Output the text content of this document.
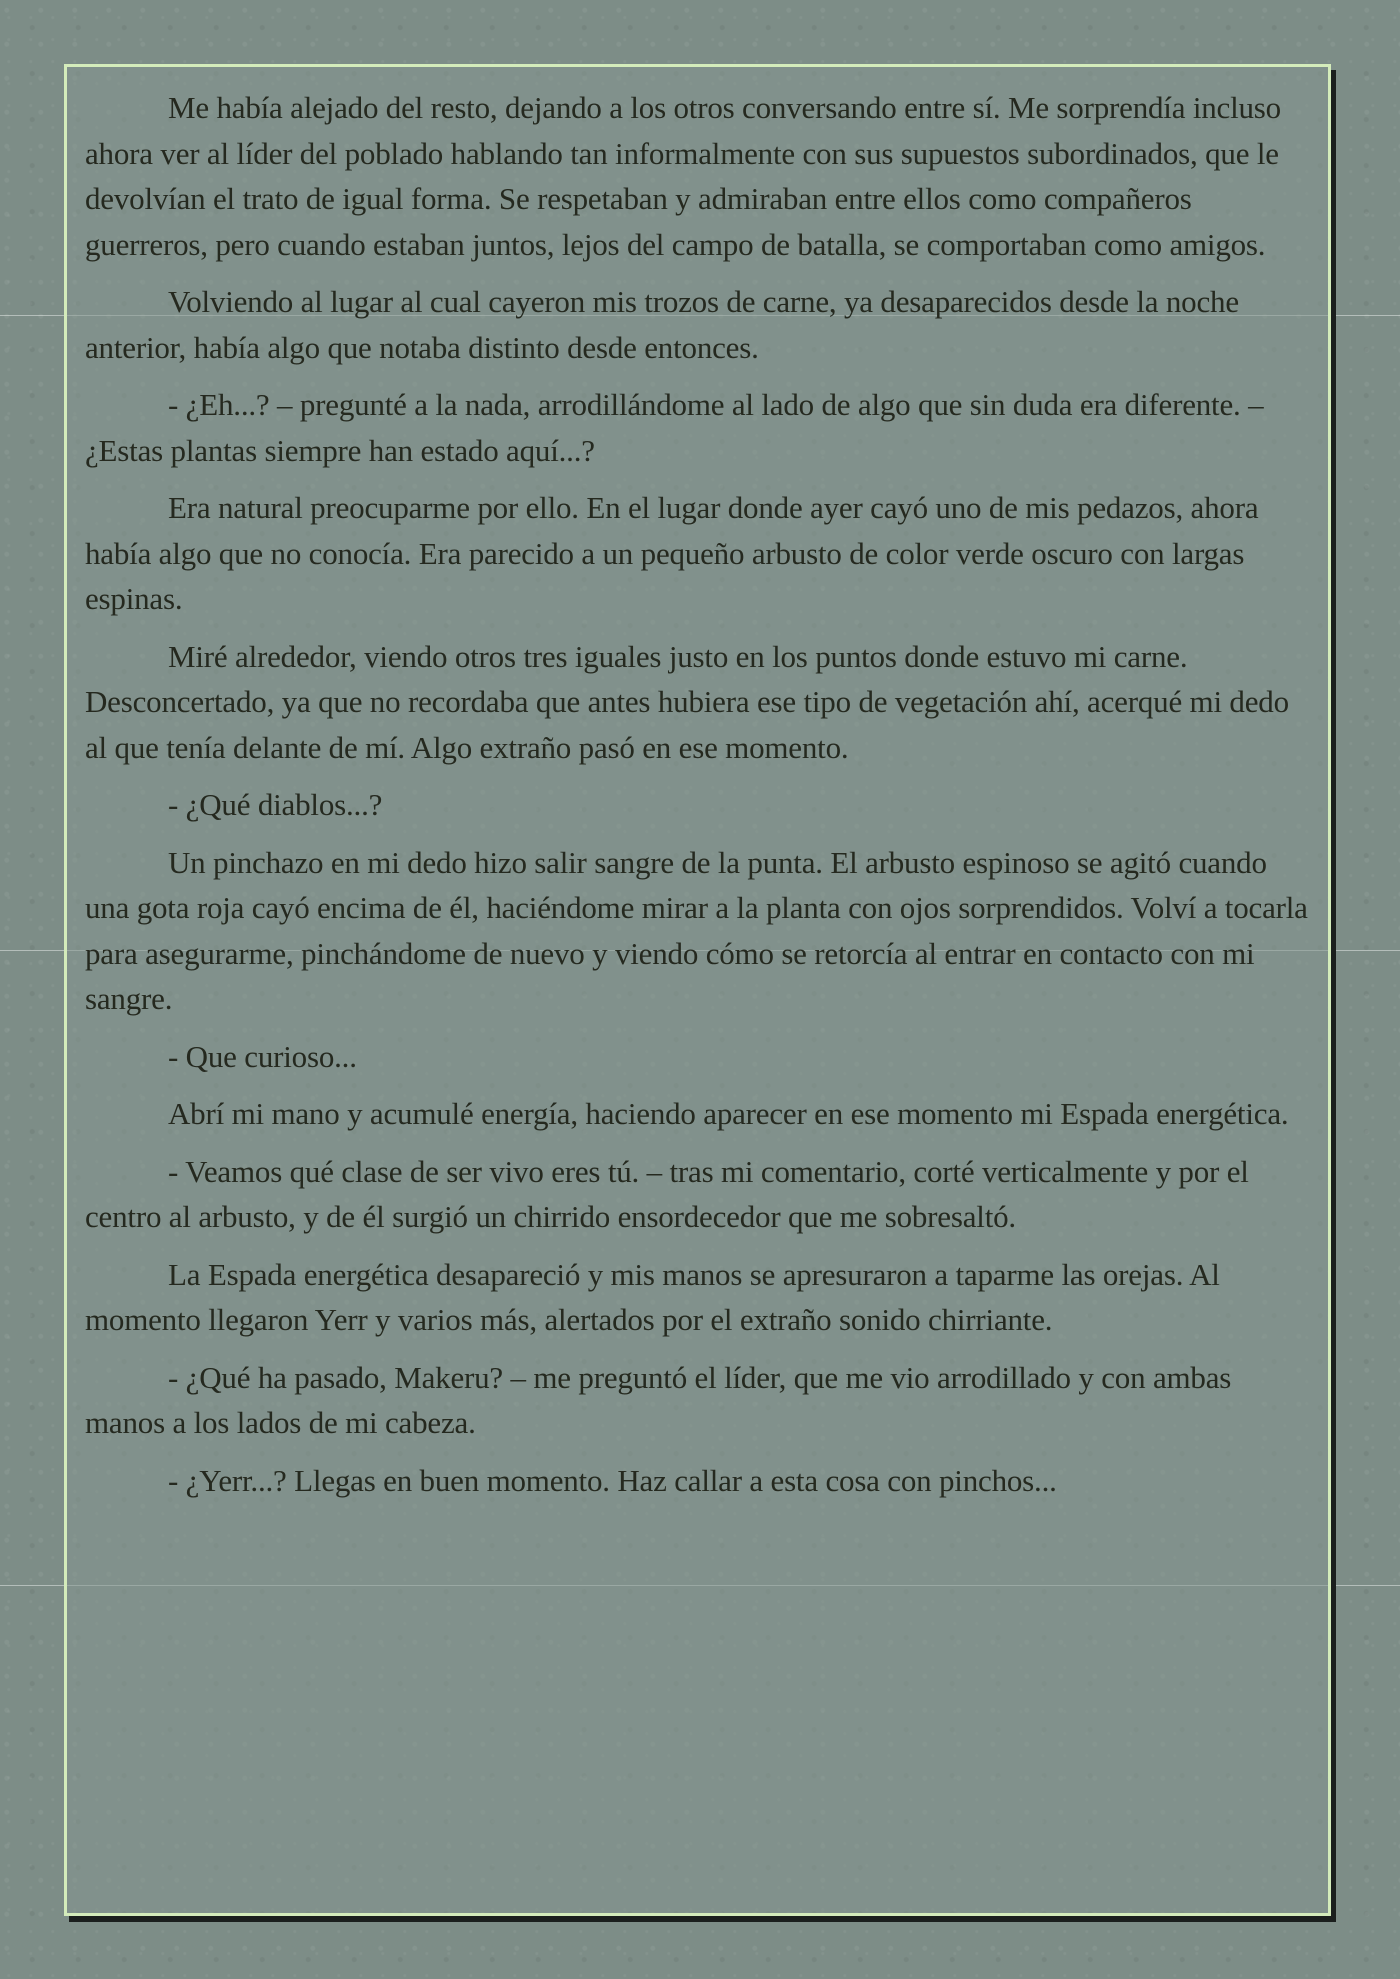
Me había alejado del resto, dejando a los otros conversando entre sí. Me sorprendía incluso ahora ver al líder del poblado hablando tan informalmente con sus supuestos subordinados, que le devolvían el trato de igual forma. Se respetaban y admiraban entre ellos como compañeros guerreros, pero cuando estaban juntos, lejos del campo de batalla, se comportaban como amigos.

Volviendo al lugar al cual cayeron mis trozos de carne, ya desaparecidos desde la noche anterior, había algo que notaba distinto desde entonces.

- ¿Eh...? – pregunté a la nada, arrodillándome al lado de algo que sin duda era diferente. – ¿Estas plantas siempre han estado aquí...?

Era natural preocuparme por ello. En el lugar donde ayer cayó uno de mis pedazos, ahora había algo que no conocía. Era parecido a un pequeño arbusto de color verde oscuro con largas espinas.

Miré alrededor, viendo otros tres iguales justo en los puntos donde estuvo mi carne. Desconcertado, ya que no recordaba que antes hubiera ese tipo de vegetación ahí, acerqué mi dedo al que tenía delante de mí. Algo extraño pasó en ese momento.

- ¿Qué diablos...?

Un pinchazo en mi dedo hizo salir sangre de la punta. El arbusto espinoso se agitó cuando una gota roja cayó encima de él, haciéndome mirar a la planta con ojos sorprendidos. Volví a tocarla para asegurarme, pinchándome de nuevo y viendo cómo se retorcía al entrar en contacto con mi sangre.

- Que curioso...

Abrí mi mano y acumulé energía, haciendo aparecer en ese momento mi Espada energética.

- Veamos qué clase de ser vivo eres tú. – tras mi comentario, corté verticalmente y por el centro al arbusto, y de él surgió un chirrido ensordecedor que me sobresaltó.

La Espada energética desapareció y mis manos se apresuraron a taparme las orejas. Al momento llegaron Yerr y varios más, alertados por el extraño sonido chirriante.

- ¿Qué ha pasado, Makeru? – me preguntó el líder, que me vio arrodillado y con ambas manos a los lados de mi cabeza.

- ¿Yerr...? Llegas en buen momento. Haz callar a esta cosa con pinchos...
